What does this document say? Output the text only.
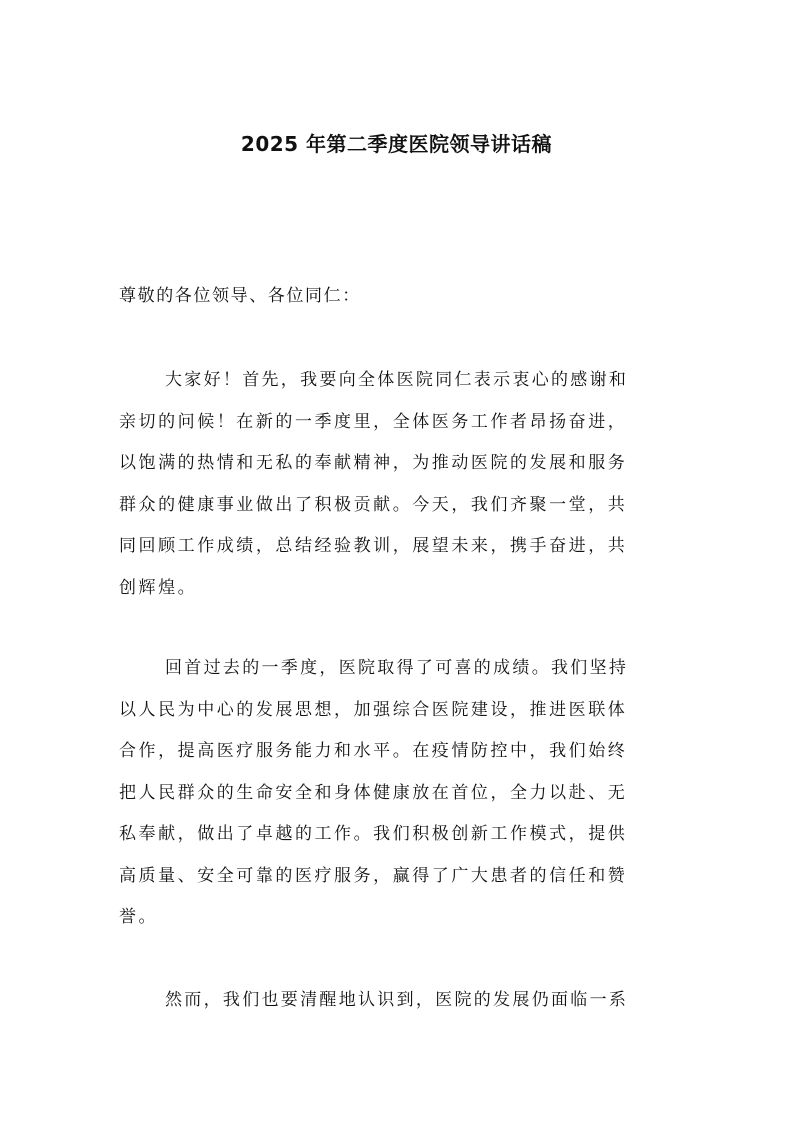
2025 年第二季度医院领导讲话稿
尊敬的各位领导、各位同仁：
大家好！首先，我要向全体医院同仁表示衷心的感谢和
亲切的问候！在新的一季度里，全体医务工作者昂扬奋进，
以饱满的热情和无私的奉献精神，为推动医院的发展和服务
群众的健康事业做出了积极贡献。今天，我们齐聚一堂，共
同回顾工作成绩，总结经验教训，展望未来，携手奋进，共
创辉煌。
回首过去的一季度，医院取得了可喜的成绩。我们坚持
以人民为中心的发展思想，加强综合医院建设，推进医联体
合作，提高医疗服务能力和水平。在疫情防控中，我们始终
把人民群众的生命安全和身体健康放在首位，全力以赴、无
私奉献，做出了卓越的工作。我们积极创新工作模式，提供
高质量、安全可靠的医疗服务，赢得了广大患者的信任和赞
誉。
然而，我们也要清醒地认识到，医院的发展仍面临一系
